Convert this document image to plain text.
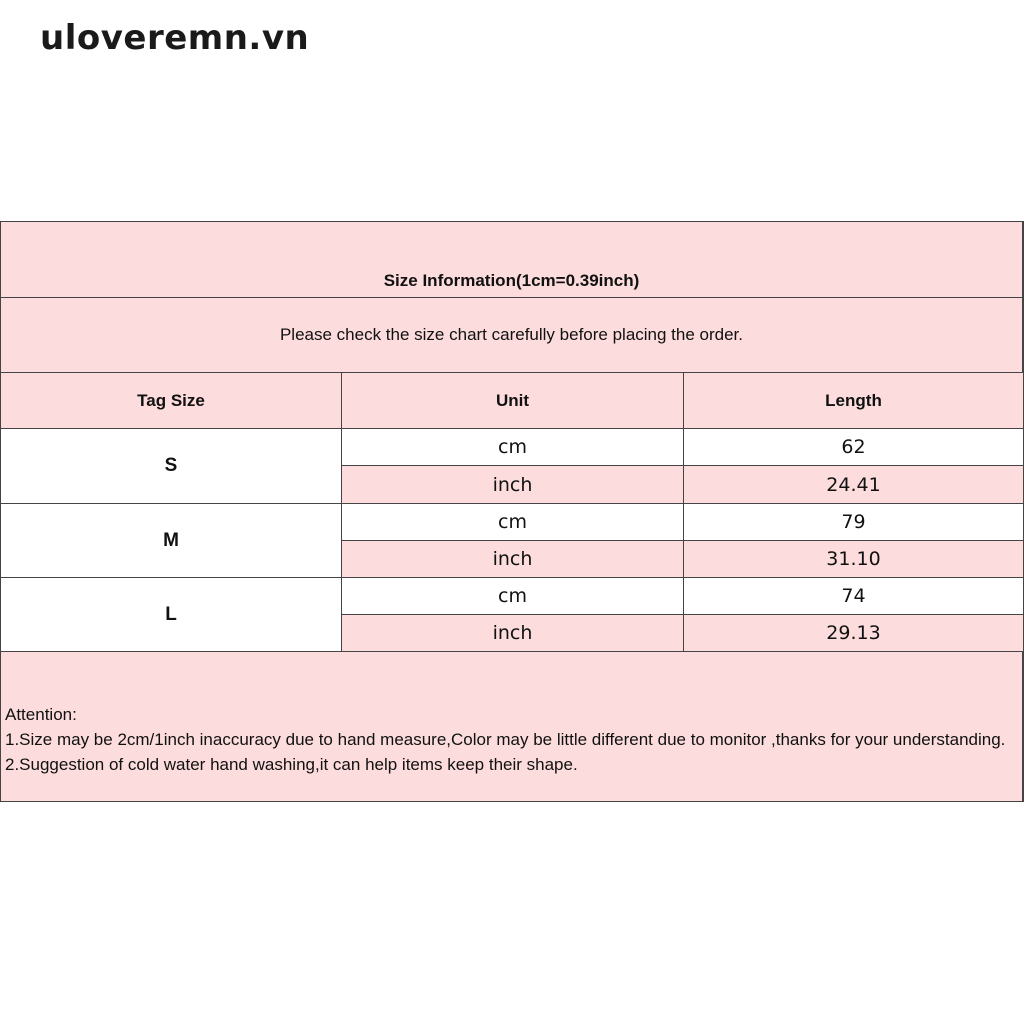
uloveremn.vn
Size Information(1cm=0.39inch)
Please check the size chart carefully before placing the order.
Tag Size	Unit	Length
S
cm	62
inch	24.41
M
cm	79
inch	31.10
L
cm	74
inch	29.13
Attention:
1.Size may be 2cm/1inch inaccuracy due to hand measure,Color may be little different due to monitor ,thanks for your understanding.
2.Suggestion of cold water hand washing,it can help items keep their shape.
